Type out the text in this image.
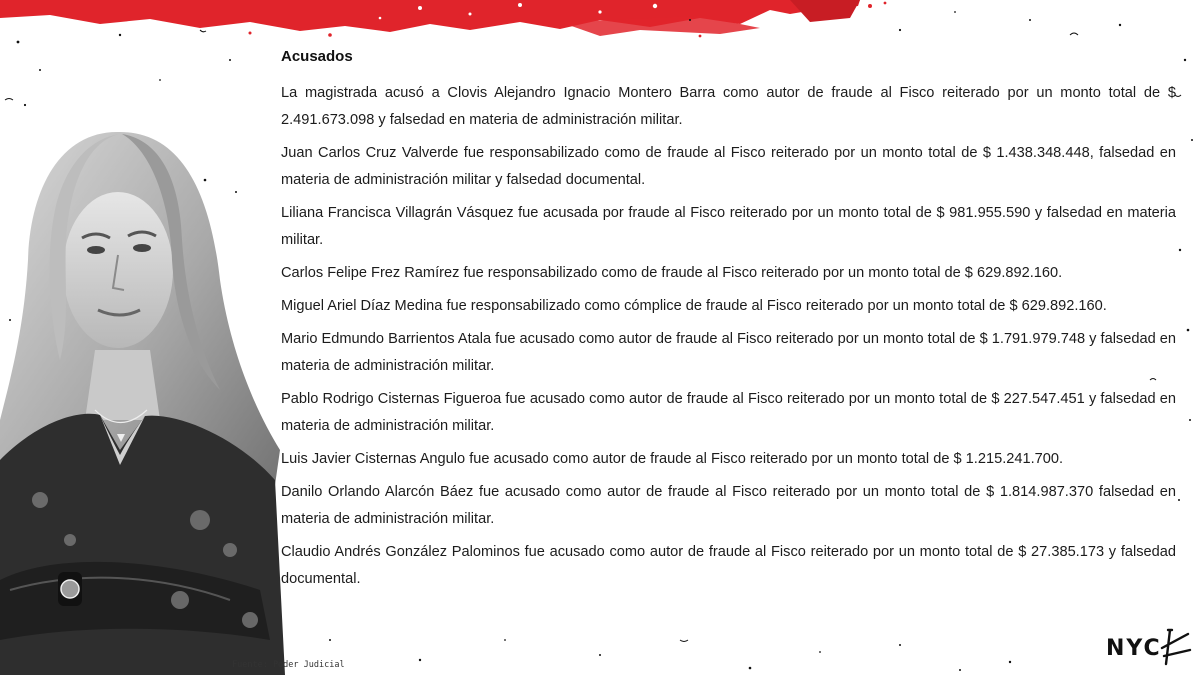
Acusados

La magistrada acusó a Clovis Alejandro Ignacio Montero Barra como autor de fraude al Fisco reiterado por un monto total de $ 2.491.673.098 y falsedad en materia de administración militar.

Juan Carlos Cruz Valverde fue responsabilizado como de fraude al Fisco reiterado por un monto total de $ 1.438.348.448, falsedad en materia de administración militar y falsedad documental.

Liliana Francisca Villagrán Vásquez fue acusada por fraude al Fisco reiterado por un monto total de $ 981.955.590 y falsedad en materia militar.

Carlos Felipe Frez Ramírez fue responsabilizado como de fraude al Fisco reiterado por un monto total de $ 629.892.160.

Miguel Ariel Díaz Medina fue responsabilizado como cómplice de fraude al Fisco reiterado por un monto total de $ 629.892.160.

Mario Edmundo Barrientos Atala fue acusado como autor de fraude al Fisco reiterado por un monto total de $ 1.791.979.748 y falsedad en materia de administración militar.

Pablo Rodrigo Cisternas Figueroa fue acusado como autor de fraude al Fisco reiterado por un monto total de $ 227.547.451 y falsedad en materia de administración militar.

Luis Javier Cisternas Angulo fue acusado como autor de fraude al Fisco reiterado por un monto total de $ 1.215.241.700.

Danilo Orlando Alarcón Báez fue acusado como autor de fraude al Fisco reiterado por un monto total de $ 1.814.987.370 falsedad en materia de administración militar.

Claudio Andrés González Palominos fue acusado como autor de fraude al Fisco reiterado por un monto total de $ 27.385.173 y falsedad documental.

Fuente: Poder Judicial
NYC
